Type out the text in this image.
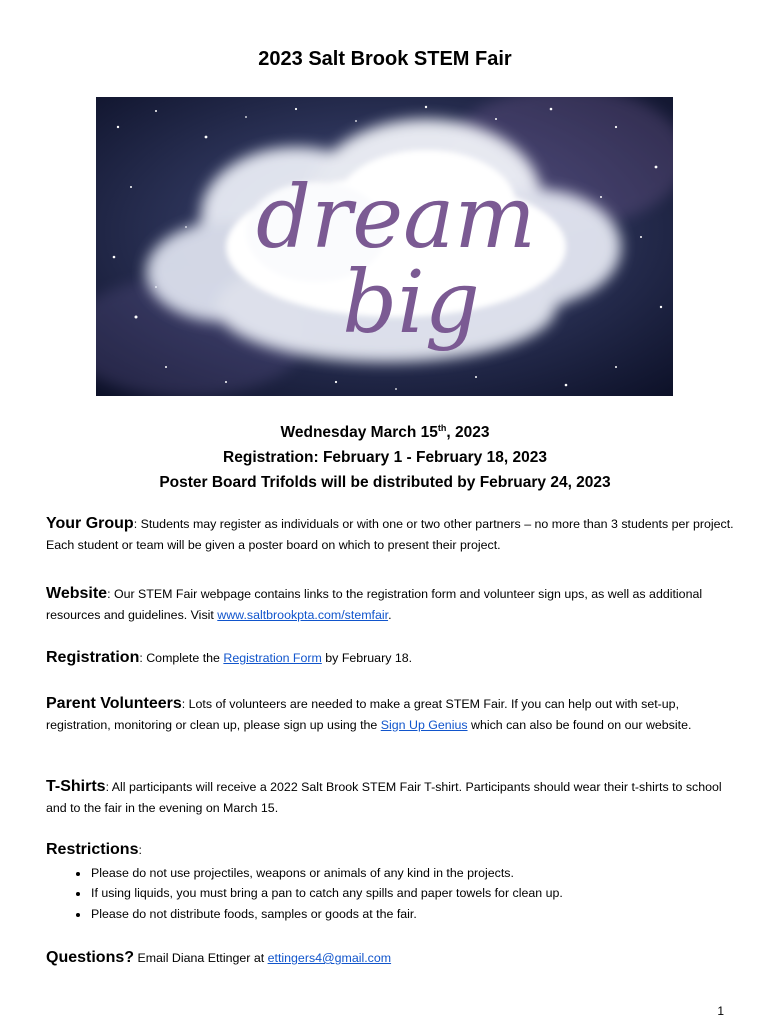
2023 Salt Brook STEM Fair
dream
big
Wednesday March 15th, 2023
Registration: February 1 - February 18, 2023
Poster Board Trifolds will be distributed by February 24, 2023
Your Group: Students may register as individuals or with one or two other partners – no more than 3 students per project. Each student or team will be given a poster board on which to present their project.
Website: Our STEM Fair webpage contains links to the registration form and volunteer sign ups, as well as additional resources and guidelines. Visit www.saltbrookpta.com/stemfair.
Registration: Complete the Registration Form by February 18.
Parent Volunteers: Lots of volunteers are needed to make a great STEM Fair. If you can help out with set-up, registration, monitoring or clean up, please sign up using the Sign Up Genius which can also be found on our website.
T-Shirts: All participants will receive a 2022 Salt Brook STEM Fair T-shirt. Participants should wear their t-shirts to school and to the fair in the evening on March 15.
Restrictions:
• Please do not use projectiles, weapons or animals of any kind in the projects.
• If using liquids, you must bring a pan to catch any spills and paper towels for clean up.
• Please do not distribute foods, samples or goods at the fair.
Questions? Email Diana Ettinger at ettingers4@gmail.com
1
